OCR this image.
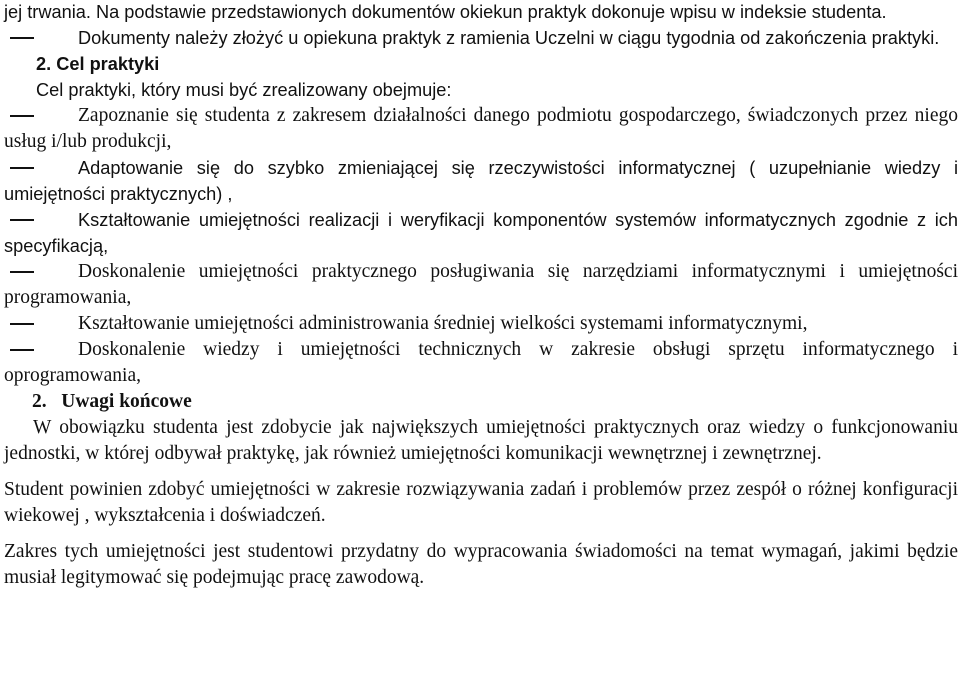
jej trwania. Na podstawie przedstawionych dokumentów okiekun praktyk dokonuje wpisu w indeksie studenta.

Dokumenty należy złożyć u opiekuna praktyk z ramienia Uczelni w ciągu tygodnia od zakończenia praktyki.

2. Cel praktyki

Cel praktyki, który musi być zrealizowany obejmuje:

Zapoznanie się studenta z zakresem działalności danego podmiotu gospodarczego, świadczonych przez niego usług i/lub produkcji,

Adaptowanie się do szybko zmieniającej się rzeczywistości informatycznej ( uzupełnianie wiedzy i umiejętności praktycznych) ,

Kształtowanie umiejętności realizacji i weryfikacji komponentów systemów informatycznych zgodnie z ich specyfikacją,

Doskonalenie umiejętności praktycznego posługiwania się narzędziami informatycznymi i umiejętności programowania,

Kształtowanie umiejętności administrowania średniej wielkości systemami informatycznymi,

Doskonalenie wiedzy i umiejętności technicznych w zakresie obsługi sprzętu informatycznego i oprogramowania,

2. Uwagi końcowe

W obowiązku studenta jest zdobycie jak największych umiejętności praktycznych oraz wiedzy o funkcjonowaniu jednostki, w której odbywał praktykę, jak również umiejętności komunikacji wewnętrznej i zewnętrznej.

Student powinien zdobyć umiejętności w zakresie rozwiązywania zadań i problemów przez zespół o różnej konfiguracji wiekowej , wykształcenia i doświadczeń.

Zakres tych umiejętności jest studentowi przydatny do wypracowania świadomości na temat wymagań, jakimi będzie musiał legitymować się podejmując pracę zawodową.
